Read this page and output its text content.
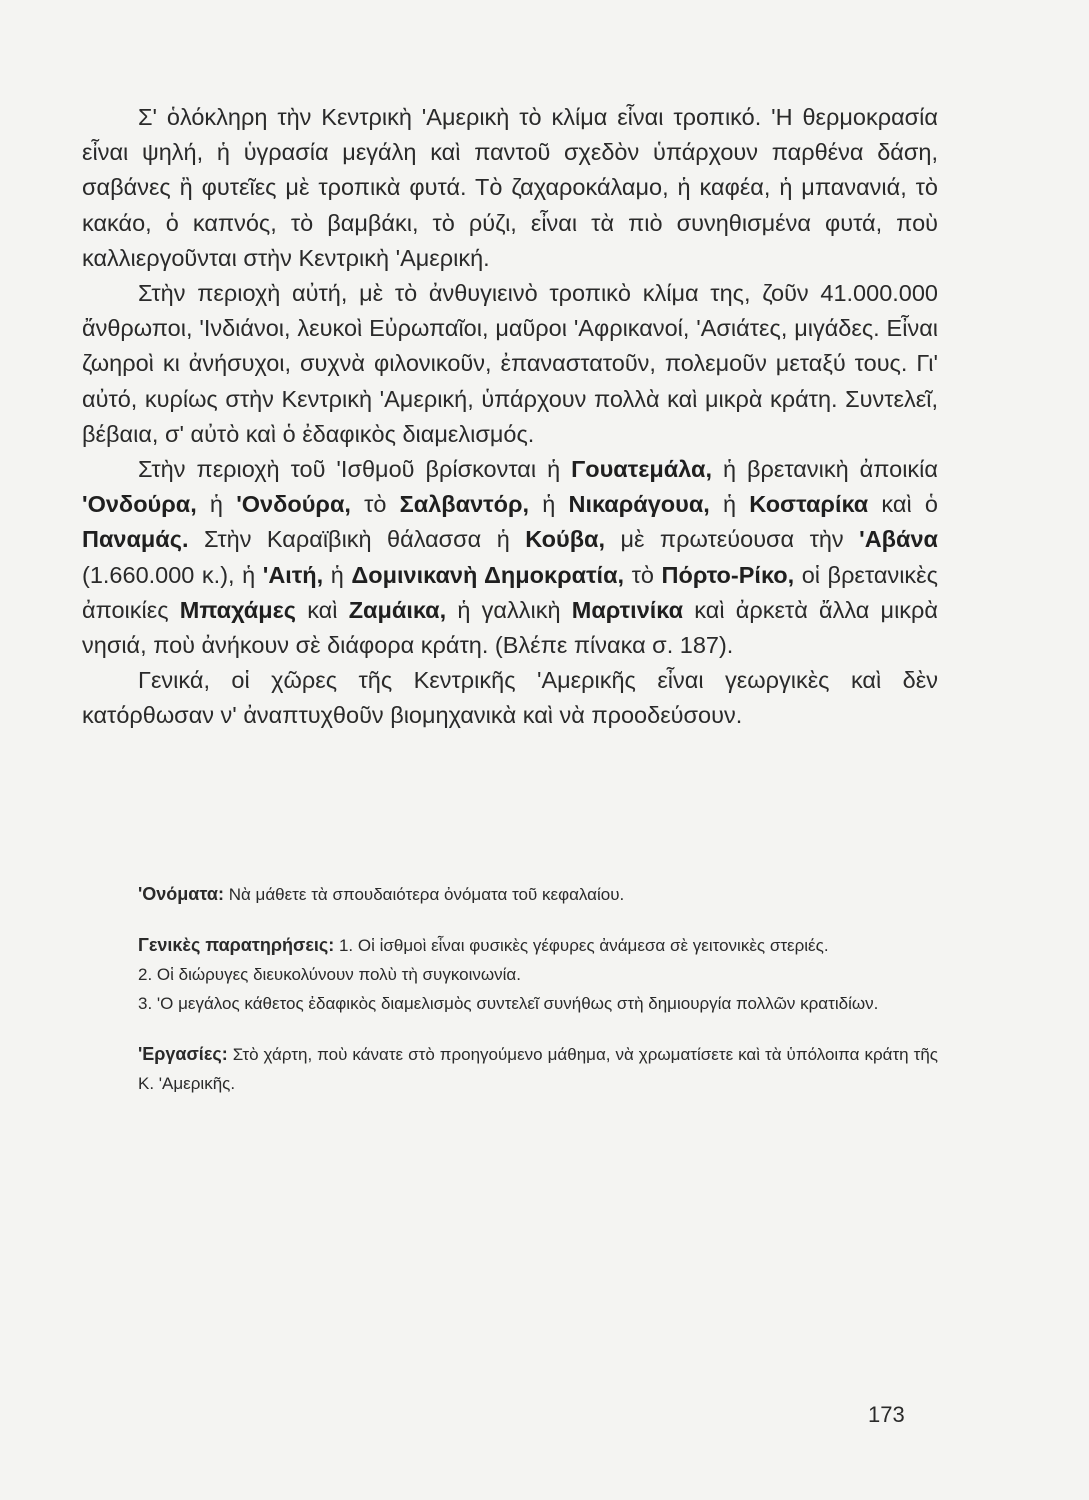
Σ' ὁλόκληρη τὴν Κεντρικὴ 'Αμερικὴ τὸ κλίμα εἶναι τροπικό. 'Η θερμοκρασία εἶναι ψηλή, ἡ ὑγρασία μεγάλη καὶ παντοῦ σχεδὸν ὑπάρχουν παρθένα δάση, σαβάνες ἢ φυτεῖες μὲ τροπικὰ φυτά. Τὸ ζαχαροκάλαμο, ἡ καφέα, ἡ μπανανιά, τὸ κακάο, ὁ καπνός, τὸ βαμβάκι, τὸ ρύζι, εἶναι τὰ πιὸ συνηθισμένα φυτά, ποὺ καλλιεργοῦνται στὴν Κεντρικὴ 'Αμερική.

Στὴν περιοχὴ αὐτή, μὲ τὸ ἀνθυγιεινὸ τροπικὸ κλίμα της, ζοῦν 41.000.000 ἄνθρωποι, 'Ινδιάνοι, λευκοὶ Εὐρωπαῖοι, μαῦροι 'Αφρικανοί, 'Ασιάτες, μιγάδες. Εἶναι ζωηροὶ κι ἀνήσυχοι, συχνὰ φιλονικοῦν, ἐπαναστατοῦν, πολεμοῦν μεταξύ τους. Γι' αὐτό, κυρίως στὴν Κεντρικὴ 'Αμερική, ὑπάρχουν πολλὰ καὶ μικρὰ κράτη. Συντελεῖ, βέβαια, σ' αὐτὸ καὶ ὁ ἐδαφικὸς διαμελισμός.

Στὴν περιοχὴ τοῦ 'Ισθμοῦ βρίσκονται ἡ Γουατεμάλα, ἡ βρετανικὴ ἀποικία 'Ονδούρα, ἡ 'Ονδούρα, τὸ Σαλβαντόρ, ἡ Νικαράγουα, ἡ Κοσταρίκα καὶ ὁ Παναμάς. Στὴν Καραϊβικὴ θάλασσα ἡ Κούβα, μὲ πρωτεύουσα τὴν 'Αβάνα (1.660.000 κ.), ἡ 'Αιτή, ἡ Δομινικανὴ Δημοκρατία, τὸ Πόρτο-Ρίκο, οἱ βρετανικὲς ἀποικίες Μπαχάμες καὶ Ζαμάικα, ἡ γαλλικὴ Μαρτινίκα καὶ ἀρκετὰ ἄλλα μικρὰ νησιά, ποὺ ἀνήκουν σὲ διάφορα κράτη. (Βλέπε πίνακα σ. 187).

Γενικά, οἱ χῶρες τῆς Κεντρικῆς 'Αμερικῆς εἶναι γεωργικὲς καὶ δὲν κατόρθωσαν ν' ἀναπτυχθοῦν βιομηχανικὰ καὶ νὰ προοδεύσουν.

'Ονόματα: Νὰ μάθετε τὰ σπουδαιότερα ὀνόματα τοῦ κεφαλαίου.

Γενικὲς παρατηρήσεις: 1. Οἱ ἰσθμοὶ εἶναι φυσικὲς γέφυρες ἀνάμεσα σὲ γειτονικὲς στεριές.

2. Οἱ διώρυγες διευκολύνουν πολὺ τὴ συγκοινωνία.

3. 'Ο μεγάλος κάθετος ἐδαφικὸς διαμελισμὸς συντελεῖ συνήθως στὴ δημιουργία πολλῶν κρατιδίων.

'Εργασίες: Στὸ χάρτη, ποὺ κάνατε στὸ προηγούμενο μάθημα, νὰ χρωματίσετε καὶ τὰ ὑπόλοιπα κράτη τῆς Κ. 'Αμερικῆς.

173
